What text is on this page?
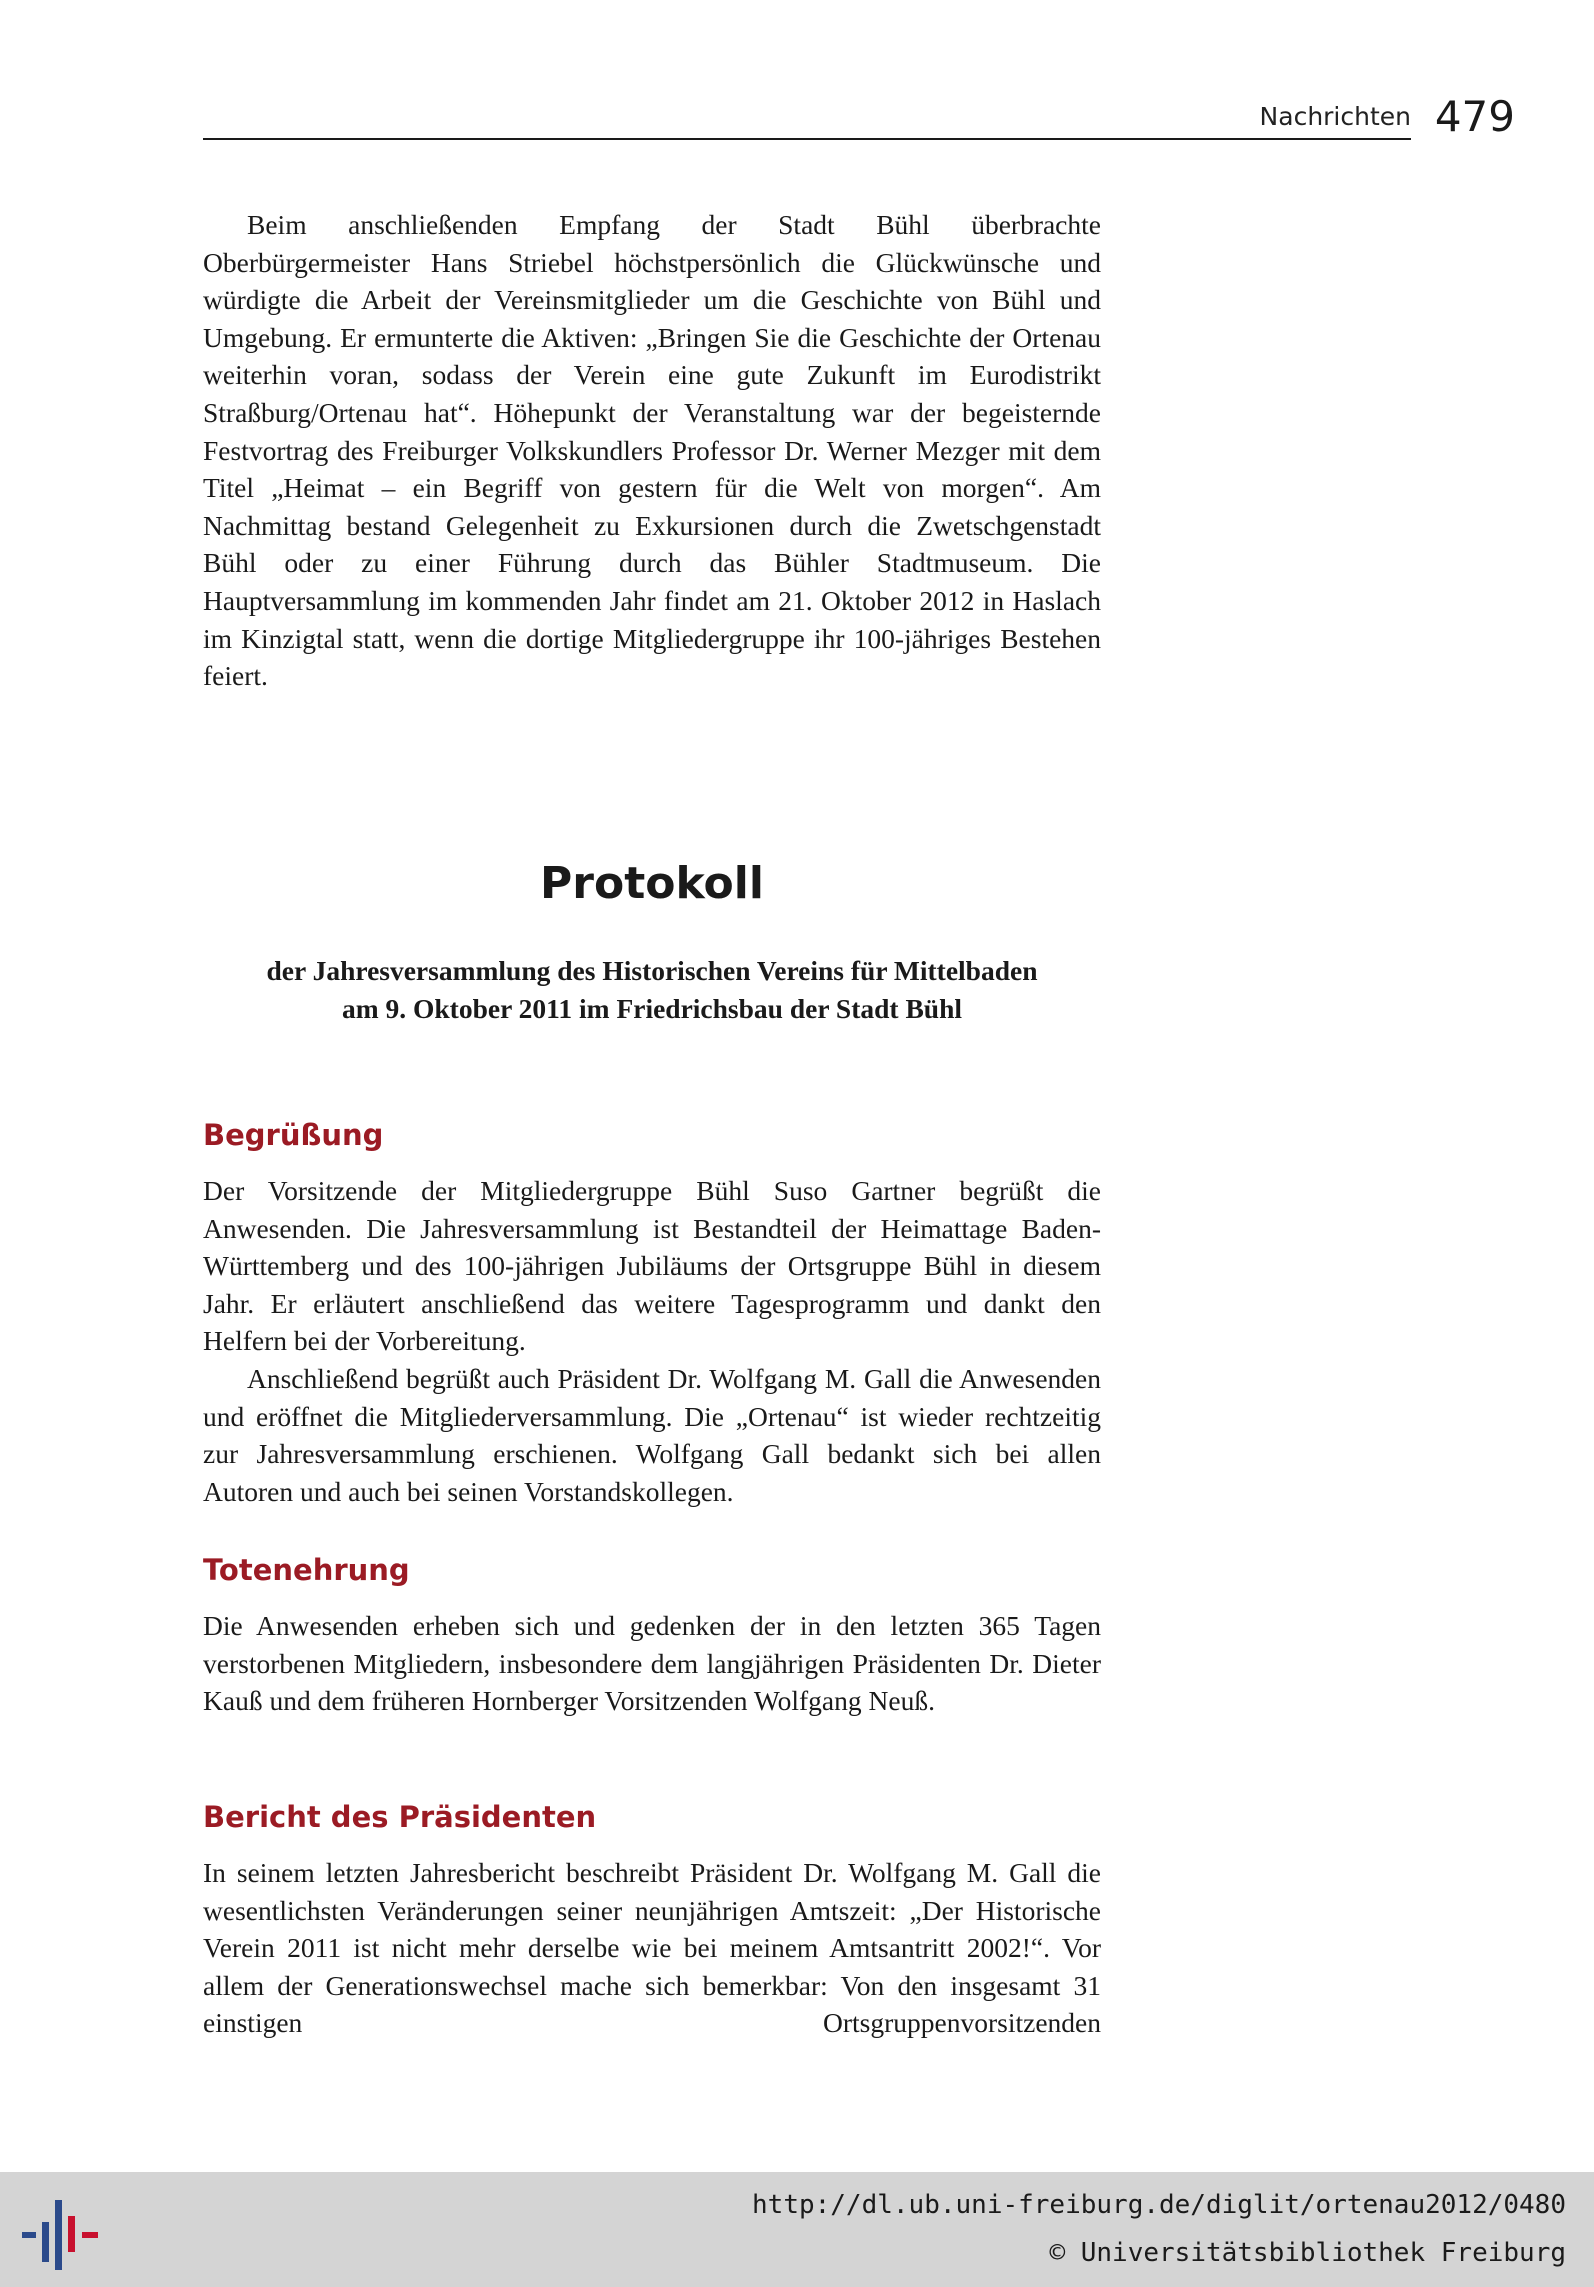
Nachrichten 479

Beim anschließenden Empfang der Stadt Bühl überbrachte Oberbürgermeister Hans Striebel höchstpersönlich die Glückwünsche und würdigte die Arbeit der Vereinsmitglieder um die Geschichte von Bühl und Umgebung. Er ermunterte die Aktiven: „Bringen Sie die Geschichte der Ortenau weiterhin voran, sodass der Verein eine gute Zukunft im Eurodistrikt Straßburg/Ortenau hat“. Höhepunkt der Veranstaltung war der begeisternde Festvortrag des Freiburger Volkskundlers Professor Dr. Werner Mezger mit dem Titel „Heimat – ein Begriff von gestern für die Welt von morgen“. Am Nachmittag bestand Gelegenheit zu Exkursionen durch die Zwetschgenstadt Bühl oder zu einer Führung durch das Bühler Stadtmuseum. Die Hauptversammlung im kommenden Jahr findet am 21. Oktober 2012 in Haslach im Kinzigtal statt, wenn die dortige Mitgliedergruppe ihr 100-jähriges Bestehen feiert.

Protokoll
der Jahresversammlung des Historischen Vereins für Mittelbaden
am 9. Oktober 2011 im Friedrichsbau der Stadt Bühl
Begrüßung

Der Vorsitzende der Mitgliedergruppe Bühl Suso Gartner begrüßt die Anwesenden. Die Jahresversammlung ist Bestandteil der Heimattage Baden-Württemberg und des 100-jährigen Jubiläums der Ortsgruppe Bühl in diesem Jahr. Er erläutert anschließend das weitere Tagesprogramm und dankt den Helfern bei der Vorbereitung.

Anschließend begrüßt auch Präsident Dr. Wolfgang M. Gall die Anwesenden und eröffnet die Mitgliederversammlung. Die „Ortenau“ ist wieder rechtzeitig zur Jahresversammlung erschienen. Wolfgang Gall bedankt sich bei allen Autoren und auch bei seinen Vorstandskollegen.

Totenehrung

Die Anwesenden erheben sich und gedenken der in den letzten 365 Tagen verstorbenen Mitgliedern, insbesondere dem langjährigen Präsidenten Dr. Dieter Kauß und dem früheren Hornberger Vorsitzenden Wolfgang Neuß.

Bericht des Präsidenten

In seinem letzten Jahresbericht beschreibt Präsident Dr. Wolfgang M. Gall die wesentlichsten Veränderungen seiner neunjährigen Amtszeit: „Der Historische Verein 2011 ist nicht mehr derselbe wie bei meinem Amtsantritt 2002!“. Vor allem der Generationswechsel mache sich bemerkbar: Von den insgesamt 31 einstigen Ortsgruppenvorsitzenden

http://dl.ub.uni-freiburg.de/diglit/ortenau2012/0480
© Universitätsbibliothek Freiburg
